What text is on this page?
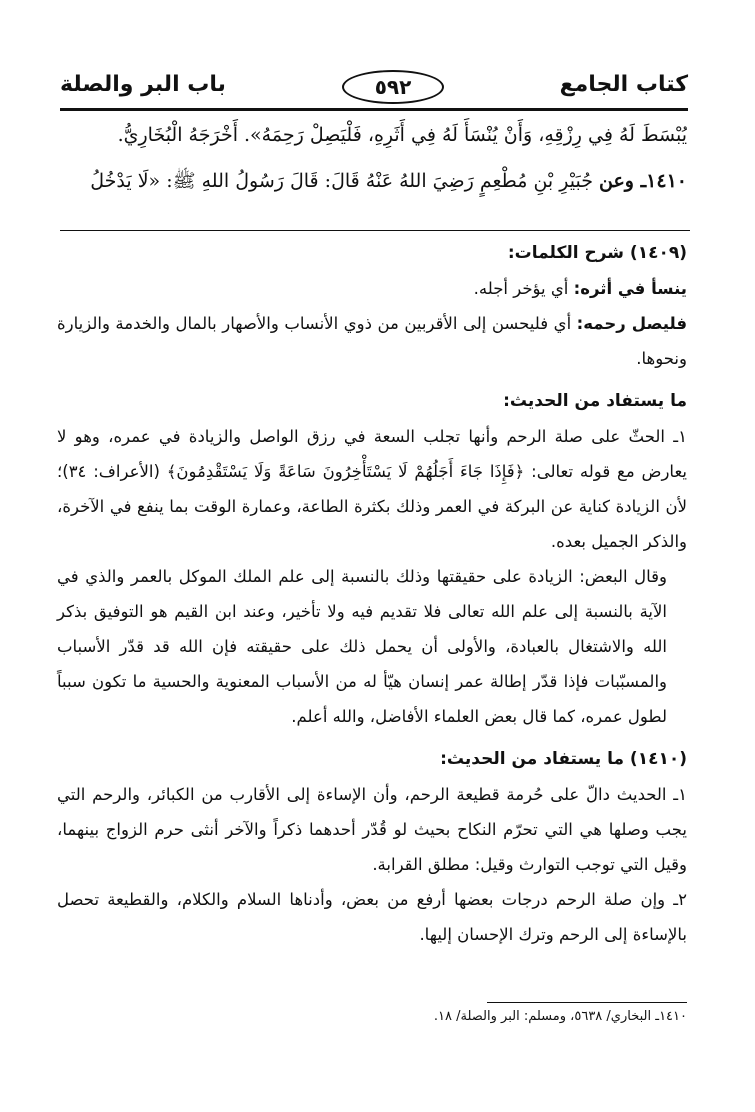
كتاب الجامع
٥٩٢
باب البر والصلة

يُبْسَطَ لَهُ فِي رِزْقِهِ، وَأَنْ يُنْسَأَ لَهُ فِي أَثَرِهِ، فَلْيَصِلْ رَحِمَهُ». أَخْرَجَهُ الْبُخَارِيُّ.

١٤١٠ـ وعن جُبَيْرِ بْنِ مُطْعِمٍ رَضِيَ اللهُ عَنْهُ قَالَ: قَالَ رَسُولُ اللهِ ﷺ: «لَا يَدْخُلُ

(١٤٠٩) شرح الكلمات:

ينسأ في أثره: أي يؤخر أجله.

فليصل رحمه: أي فليحسن إلى الأقربين من ذوي الأنساب والأصهار بالمال والخدمة والزيارة ونحوها.

ما يستفاد من الحديث:

١ـ الحثّ على صلة الرحم وأنها تجلب السعة في رزق الواصل والزيادة في عمره، وهو لا يعارض مع قوله تعالى: ﴿فَإِذَا جَاءَ أَجَلُهُمْ لَا يَسْتَأْخِرُونَ سَاعَةً وَلَا يَسْتَقْدِمُونَ﴾ (الأعراف: ٣٤)؛ لأن الزيادة كناية عن البركة في العمر وذلك بكثرة الطاعة، وعمارة الوقت بما ينفع في الآخرة، والذكر الجميل بعده.

وقال البعض: الزيادة على حقيقتها وذلك بالنسبة إلى علم الملك الموكل بالعمر والذي في الآية بالنسبة إلى علم الله تعالى فلا تقديم فيه ولا تأخير، وعند ابن القيم هو التوفيق بذكر الله والاشتغال بالعبادة، والأولى أن يحمل ذلك على حقيقته فإن الله قد قدّر الأسباب والمسبّبات فإذا قدّر إطالة عمر إنسان هيّأ له من الأسباب المعنوية والحسية ما تكون سبباً لطول عمره، كما قال بعض العلماء الأفاضل، والله أعلم.

(١٤١٠) ما يستفاد من الحديث:

١ـ الحديث دالّ على حُرمة قطيعة الرحم، وأن الإساءة إلى الأقارب من الكبائر، والرحم التي يجب وصلها هي التي تحرّم النكاح بحيث لو قُدّر أحدهما ذكراً والآخر أنثى حرم الزواج بينهما، وقيل التي توجب التوارث وقيل: مطلق القرابة.

٢ـ وإن صلة الرحم درجات بعضها أرفع من بعض، وأدناها السلام والكلام، والقطيعة تحصل بالإساءة إلى الرحم وترك الإحسان إليها.

١٤١٠ـ البخاري/ ٥٦٣٨، ومسلم: البر والصلة/ ١٨.
